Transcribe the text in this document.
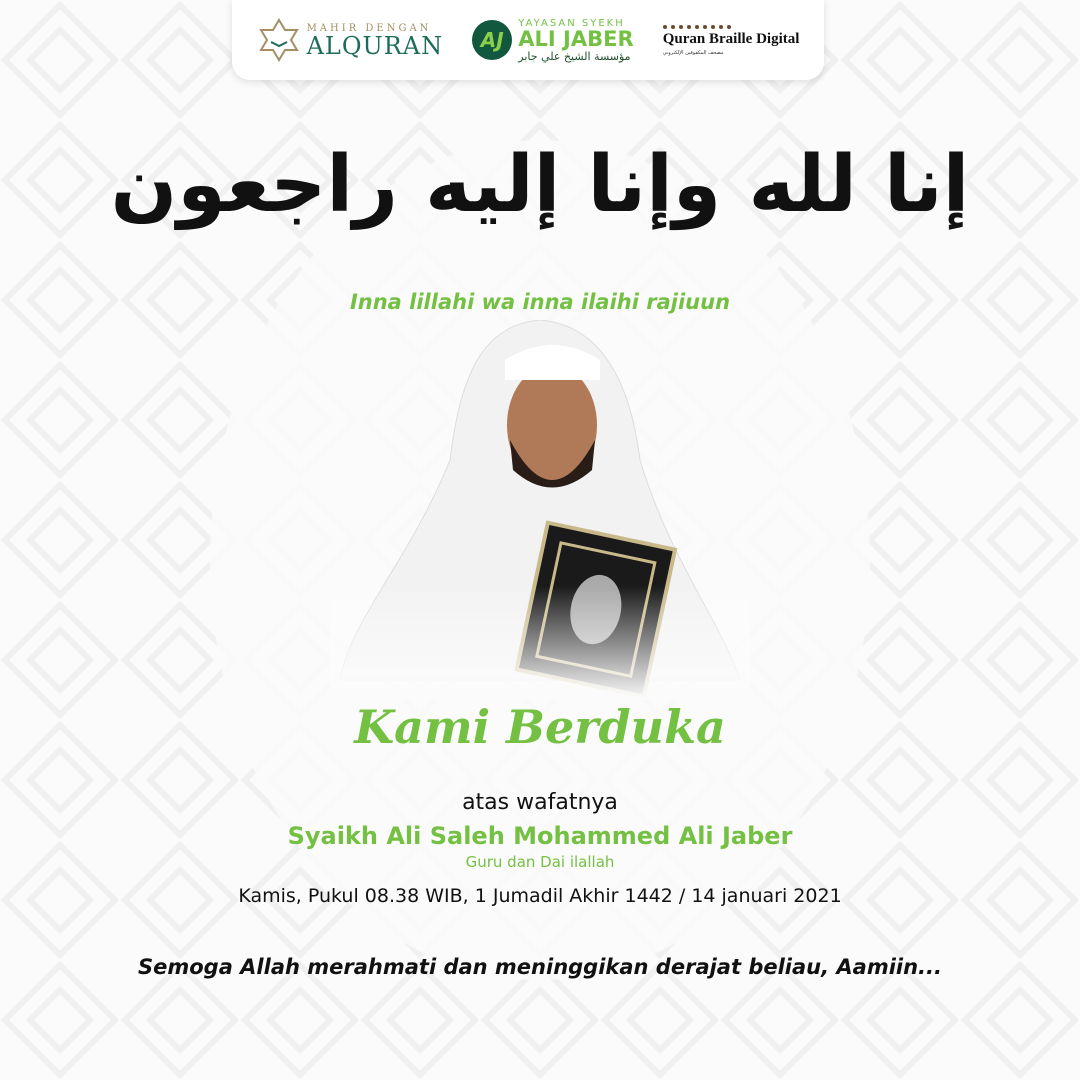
MAHIR DENGAN
ALQURAN	AJ
YAYASAN SYEKH
ALI JABER
مؤسسة الشيخ علي جابر
Quran Braille Digital
مصحف المكفوفين الإلكتروني
إنا لله وإنا إليه راجعون
Inna lillahi wa inna ilaihi rajiuun
Kami Berduka
atas wafatnya
Syaikh Ali Saleh Mohammed Ali Jaber
Guru dan Dai ilallah
Kamis, Pukul 08.38 WIB, 1 Jumadil Akhir 1442 / 14 januari 2021
Semoga Allah merahmati dan meninggikan derajat beliau, Aamiin...
